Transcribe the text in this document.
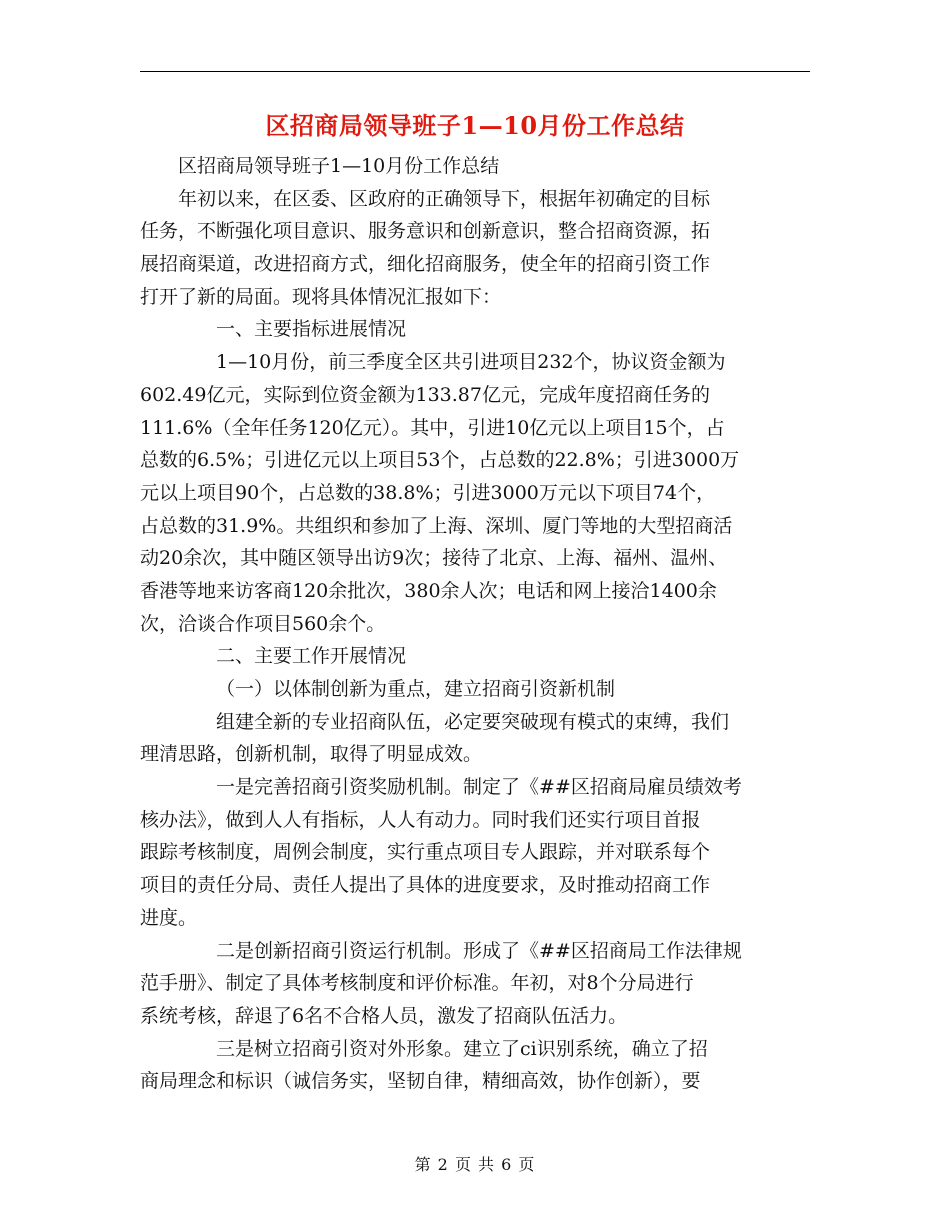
区招商局领导班子1—10月份工作总结
区招商局领导班子1—10月份工作总结
年初以来，在区委、区政府的正确领导下，根据年初确定的目标
任务，不断强化项目意识、服务意识和创新意识，整合招商资源，拓
展招商渠道，改进招商方式，细化招商服务，使全年的招商引资工作
打开了新的局面。现将具体情况汇报如下：
一、主要指标进展情况
1—10月份，前三季度全区共引进项目232个，协议资金额为
602.49亿元，实际到位资金额为133.87亿元，完成年度招商任务的
111.6%（全年任务120亿元）。其中，引进10亿元以上项目15个，占
总数的6.5%；引进亿元以上项目53个，占总数的22.8%；引进3000万
元以上项目90个，占总数的38.8%；引进3000万元以下项目74个，
占总数的31.9%。共组织和参加了上海、深圳、厦门等地的大型招商活
动20余次，其中随区领导出访9次；接待了北京、上海、福州、温州、
香港等地来访客商120余批次，380余人次；电话和网上接洽1400余
次，洽谈合作项目560余个。
二、主要工作开展情况
（一）以体制创新为重点，建立招商引资新机制
组建全新的专业招商队伍，必定要突破现有模式的束缚，我们
理清思路，创新机制，取得了明显成效。
一是完善招商引资奖励机制。制定了《##区招商局雇员绩效考
核办法》，做到人人有指标，人人有动力。同时我们还实行项目首报
跟踪考核制度，周例会制度，实行重点项目专人跟踪，并对联系每个
项目的责任分局、责任人提出了具体的进度要求，及时推动招商工作
进度。
二是创新招商引资运行机制。形成了《##区招商局工作法律规
范手册》、制定了具体考核制度和评价标准。年初，对8个分局进行
系统考核，辞退了6名不合格人员，激发了招商队伍活力。
三是树立招商引资对外形象。建立了ci识别系统，确立了招
商局理念和标识（诚信务实，坚韧自律，精细高效，协作创新），要
第 2 页 共 6 页
